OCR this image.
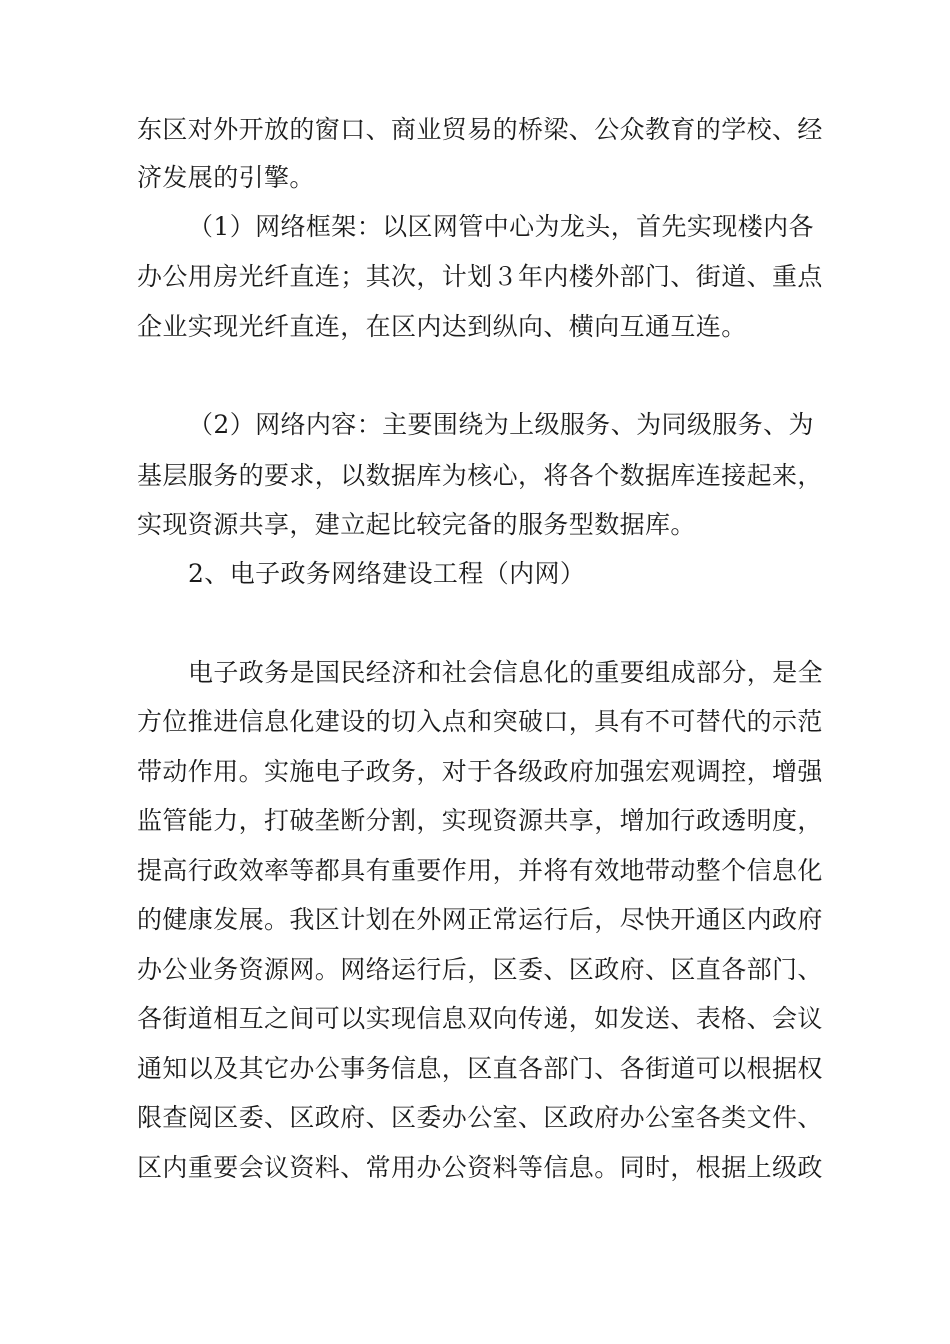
东区对外开放的窗口、商业贸易的桥梁、公众教育的学校、经
济发展的引擎。
（1）网络框架：以区网管中心为龙头，首先实现楼内各
办公用房光纤直连；其次，计划３年内楼外部门、街道、重点
企业实现光纤直连，在区内达到纵向、横向互通互连。
（2）网络内容：主要围绕为上级服务、为同级服务、为
基层服务的要求，以数据库为核心，将各个数据库连接起来，
实现资源共享，建立起比较完备的服务型数据库。
2、电子政务网络建设工程（内网）
电子政务是国民经济和社会信息化的重要组成部分，是全
方位推进信息化建设的切入点和突破口，具有不可替代的示范
带动作用。实施电子政务，对于各级政府加强宏观调控，增强
监管能力，打破垄断分割，实现资源共享，增加行政透明度，
提高行政效率等都具有重要作用，并将有效地带动整个信息化
的健康发展。我区计划在外网正常运行后，尽快开通区内政府
办公业务资源网。网络运行后，区委、区政府、区直各部门、
各街道相互之间可以实现信息双向传递，如发送、表格、会议
通知以及其它办公事务信息，区直各部门、各街道可以根据权
限查阅区委、区政府、区委办公室、区政府办公室各类文件、
区内重要会议资料、常用办公资料等信息。同时，根据上级政
